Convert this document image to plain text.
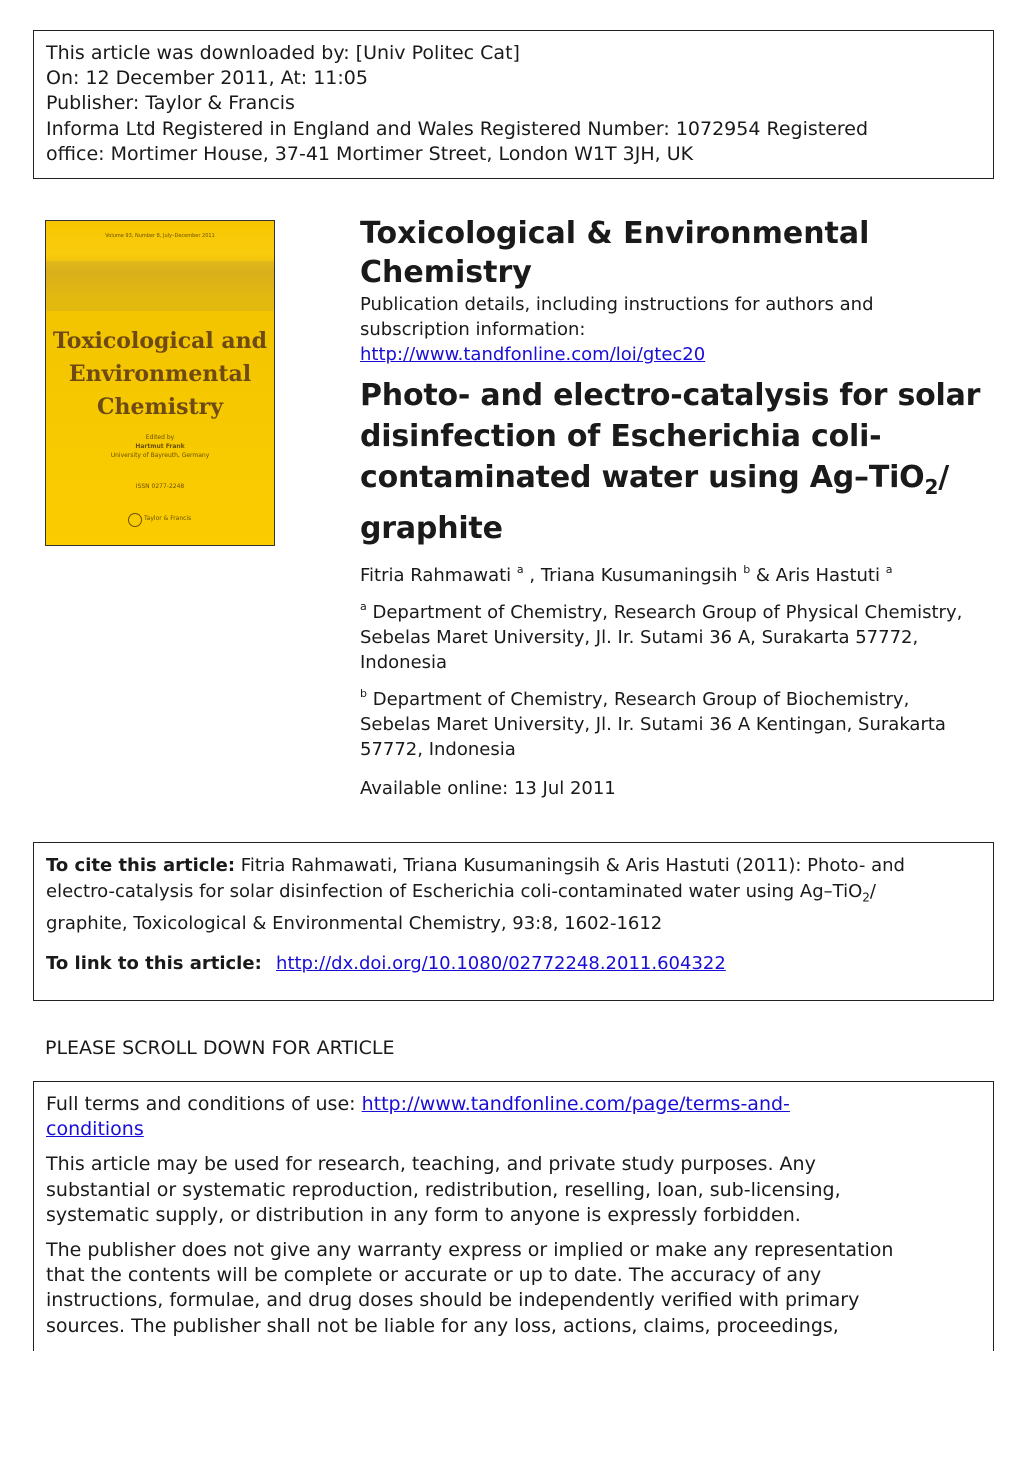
This article was downloaded by: [Univ Politec Cat]
On: 12 December 2011, At: 11:05
Publisher: Taylor & Francis
Informa Ltd Registered in England and Wales Registered Number: 1072954 Registered
office: Mortimer House, 37-41 Mortimer Street, London W1T 3JH, UK
Volume 93, Number 8, July–December 2011
Toxicological and
Environmental
Chemistry
Edited by
Hartmut Frank
University of Bayreuth, Germany
ISSN 0277-2248
Taylor & Francis
Toxicological & Environmental
Chemistry
Publication details, including instructions for authors and
subscription information:
http://www.tandfonline.com/loi/gtec20
Photo- and electro-catalysis for solar
disinfection of Escherichia coli-
contaminated water using Ag–TiO$_2$/
graphite
Fitria Rahmawati $^a$ , Triana Kusumaningsih $^b$ & Aris Hastuti $^a$
$^a$ Department of Chemistry, Research Group of Physical Chemistry,
Sebelas Maret University, Jl. Ir. Sutami 36 A, Surakarta 57772,
Indonesia
$^b$ Department of Chemistry, Research Group of Biochemistry,
Sebelas Maret University, Jl. Ir. Sutami 36 A Kentingan, Surakarta
57772, Indonesia
Available online: 13 Jul 2011
To cite this article: Fitria Rahmawati, Triana Kusumaningsih & Aris Hastuti (2011): Photo- and
electro-catalysis for solar disinfection of Escherichia coli-contaminated water using Ag–TiO$_2$/
graphite, Toxicological & Environmental Chemistry, 93:8, 1602-1612
To link to this article: http://dx.doi.org/10.1080/02772248.2011.604322
PLEASE SCROLL DOWN FOR ARTICLE

Full terms and conditions of use: http://www.tandfonline.com/page/terms-and-
conditions

This article may be used for research, teaching, and private study purposes. Any
substantial or systematic reproduction, redistribution, reselling, loan, sub-licensing,
systematic supply, or distribution in any form to anyone is expressly forbidden.

The publisher does not give any warranty express or implied or make any representation
that the contents will be complete or accurate or up to date. The accuracy of any
instructions, formulae, and drug doses should be independently verified with primary
sources. The publisher shall not be liable for any loss, actions, claims, proceedings,
